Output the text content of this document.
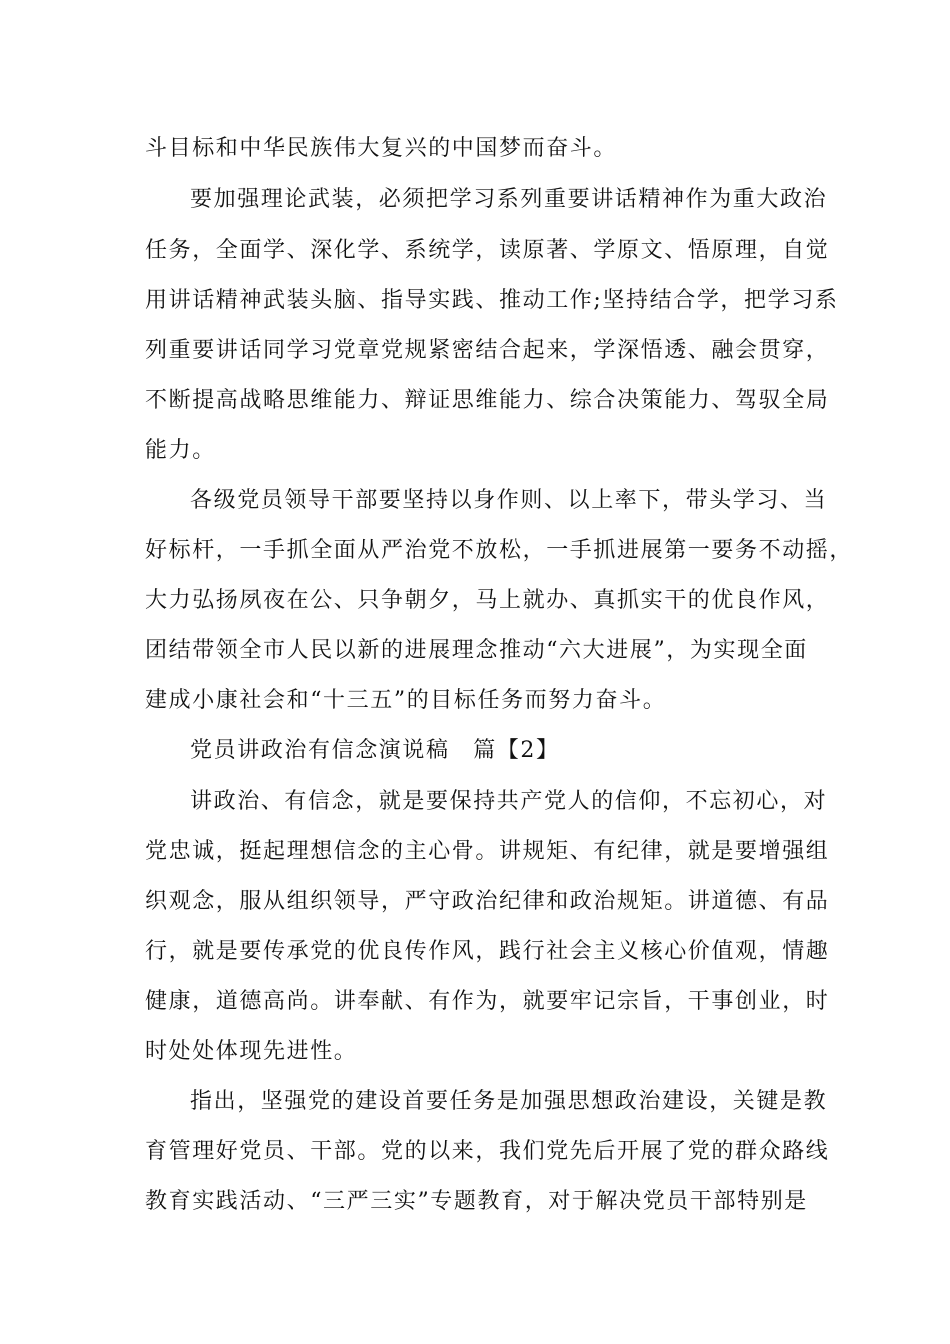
斗目标和中华民族伟大复兴的中国梦而奋斗。
要加强理论武装，必须把学习系列重要讲话精神作为重大政治
任务，全面学、深化学、系统学，读原著、学原文、悟原理，自觉
用讲话精神武装头脑、指导实践、推动工作;坚持结合学，把学习系
列重要讲话同学习党章党规紧密结合起来，学深悟透、融会贯穿，
不断提高战略思维能力、辩证思维能力、综合决策能力、驾驭全局
能力。
各级党员领导干部要坚持以身作则、以上率下，带头学习、当
好标杆，一手抓全面从严治党不放松，一手抓进展第一要务不动摇，
大力弘扬夙夜在公、只争朝夕，马上就办、真抓实干的优良作风，
团结带领全市人民以新的进展理念推动“六大进展”，为实现全面
建成小康社会和“十三五”的目标任务而努力奋斗。
党员讲政治有信念演说稿　篇【2】
讲政治、有信念，就是要保持共产党人的信仰，不忘初心，对
党忠诚，挺起理想信念的主心骨。讲规矩、有纪律，就是要增强组
织观念，服从组织领导，严守政治纪律和政治规矩。讲道德、有品
行，就是要传承党的优良传作风，践行社会主义核心价值观，情趣
健康，道德高尚。讲奉献、有作为，就要牢记宗旨，干事创业，时
时处处体现先进性。
指出，坚强党的建设首要任务是加强思想政治建设，关键是教
育管理好党员、干部。党的以来，我们党先后开展了党的群众路线
教育实践活动、“三严三实”专题教育，对于解决党员干部特别是
